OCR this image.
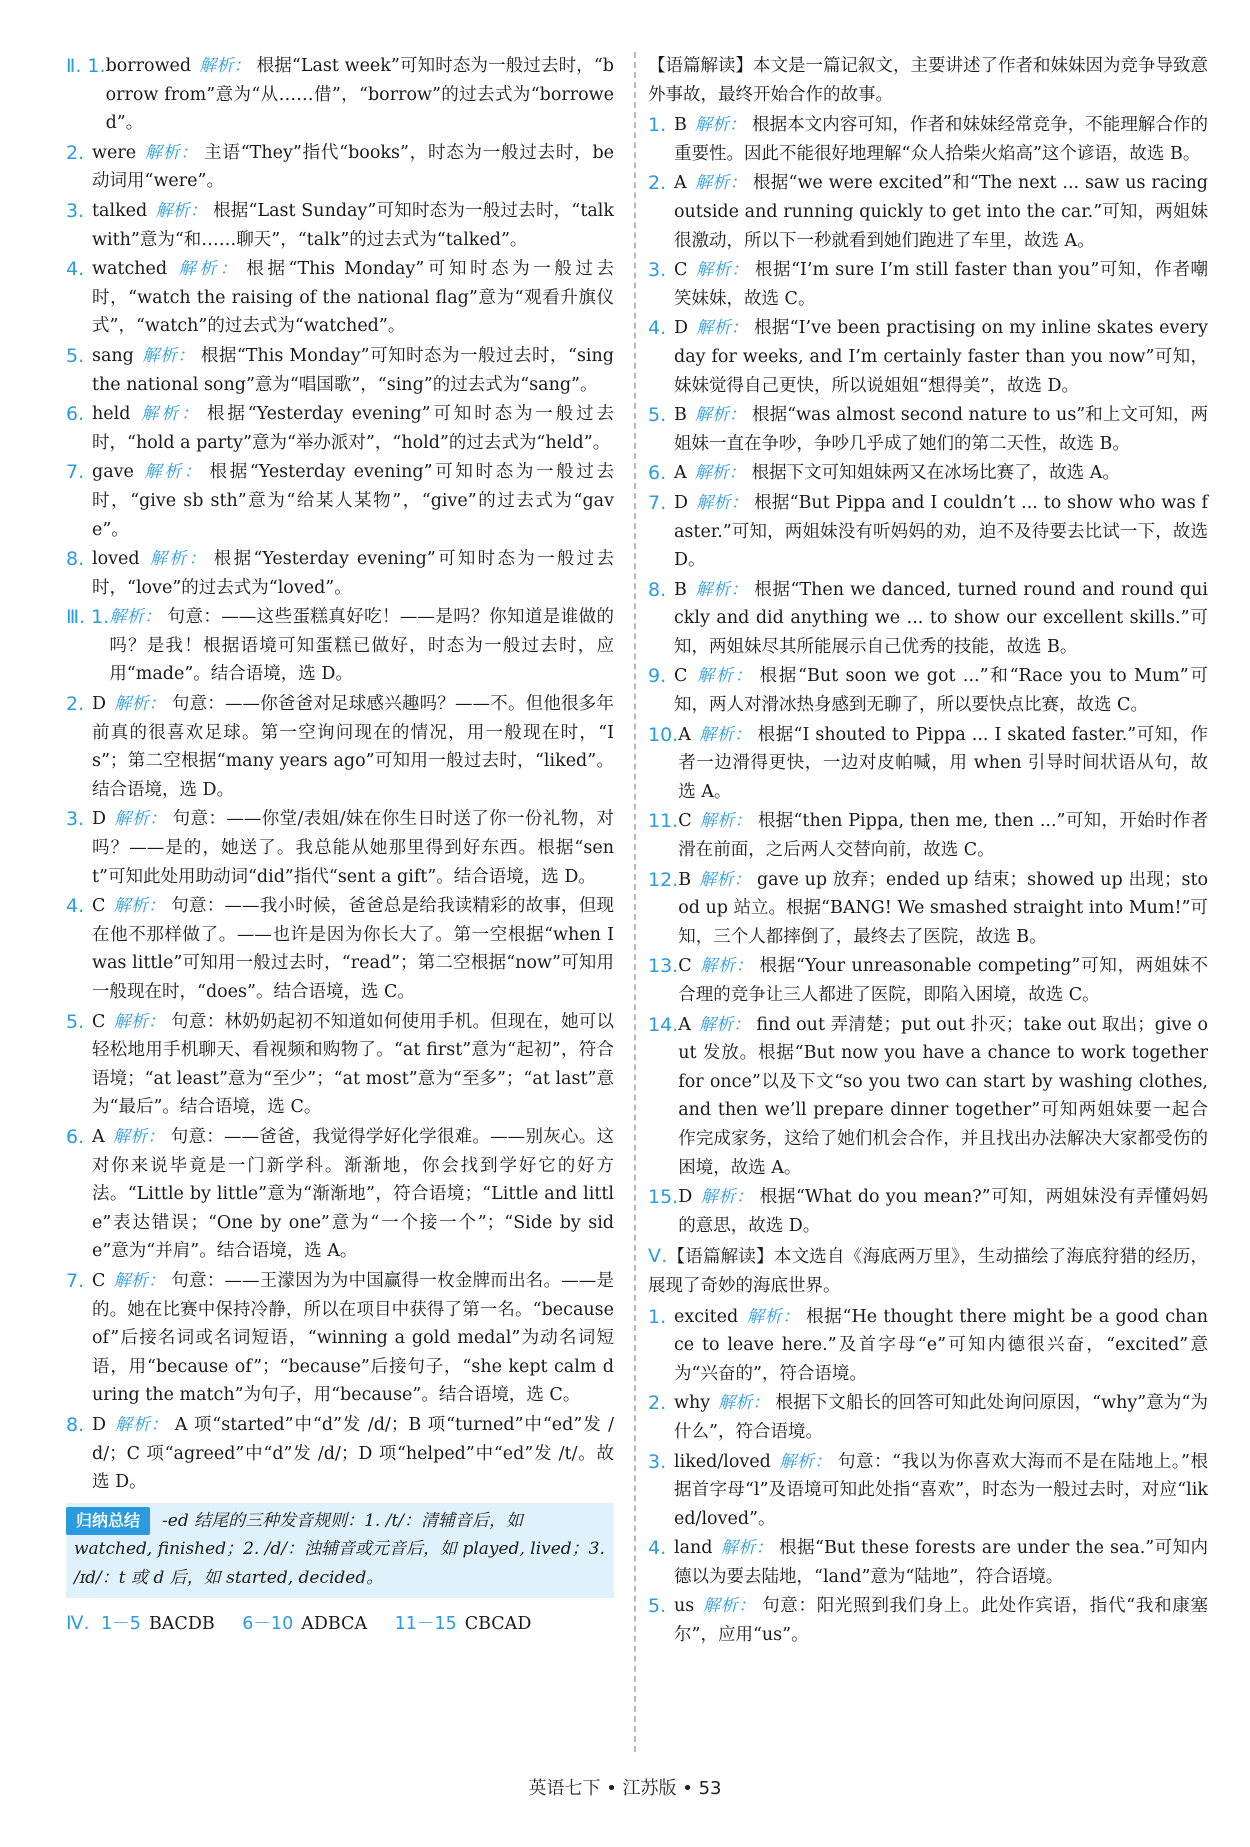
Ⅱ. 1. borrowed 解析： 根据“Last week”可知时态为一般过去时，“borrow from”意为“从……借”，“borrow”的过去式为“borrowed”。
2. were 解析： 主语“They”指代“books”，时态为一般过去时，be 动词用“were”。
3. talked 解析： 根据“Last Sunday”可知时态为一般过去时，“talk with”意为“和……聊天”，“talk”的过去式为“talked”。
4. watched 解析： 根据“This Monday”可知时态为一般过去时，“watch the raising of the national flag”意为“观看升旗仪式”，“watch”的过去式为“watched”。
5. sang 解析： 根据“This Monday”可知时态为一般过去时，“sing the national song”意为“唱国歌”，“sing”的过去式为“sang”。
6. held 解析： 根据“Yesterday evening”可知时态为一般过去时，“hold a party”意为“举办派对”，“hold”的过去式为“held”。
7. gave 解析： 根据“Yesterday evening”可知时态为一般过去时，“give sb sth”意为“给某人某物”，“give”的过去式为“gave”。
8. loved 解析： 根据“Yesterday evening”可知时态为一般过去时，“love”的过去式为“loved”。
Ⅲ. 1. 解析： 句意：——这些蛋糕真好吃！——是吗？你知道是谁做的吗？是我！根据语境可知蛋糕已做好，时态为一般过去时，应用“made”。结合语境，选 D。
2. D 解析： 句意：——你爸爸对足球感兴趣吗？——不。但他很多年前真的很喜欢足球。第一空询问现在的情况，用一般现在时，“Is”；第二空根据“many years ago”可知用一般过去时，“liked”。结合语境，选 D。
3. D 解析： 句意：——你堂/表姐/妹在你生日时送了你一份礼物，对吗？——是的，她送了。我总能从她那里得到好东西。根据“sent”可知此处用助动词“did”指代“sent a gift”。结合语境，选 D。
4. C 解析： 句意：——我小时候，爸爸总是给我读精彩的故事，但现在他不那样做了。——也许是因为你长大了。第一空根据“when I was little”可知用一般过去时，“read”；第二空根据“now”可知用一般现在时，“does”。结合语境，选 C。
5. C 解析： 句意：林奶奶起初不知道如何使用手机。但现在，她可以轻松地用手机聊天、看视频和购物了。“at first”意为“起初”，符合语境；“at least”意为“至少”；“at most”意为“至多”；“at last”意为“最后”。结合语境，选 C。
6. A 解析： 句意：——爸爸，我觉得学好化学很难。——别灰心。这对你来说毕竟是一门新学科。渐渐地，你会找到学好它的好方法。“Little by little”意为“渐渐地”，符合语境；“Little and little”表达错误；“One by one”意为“一个接一个”；“Side by side”意为“并肩”。结合语境，选 A。
7. C 解析： 句意：——王濛因为为中国赢得一枚金牌而出名。——是的。她在比赛中保持冷静，所以在项目中获得了第一名。“because of”后接名词或名词短语，“winning a gold medal”为动名词短语，用“because of”；“because”后接句子，“she kept calm during the match”为句子，用“because”。结合语境，选 C。
8. D 解析： A 项“started”中“d”发 /d/；B 项“turned”中“ed”发 /d/；C 项“agreed”中“d”发 /d/；D 项“helped”中“ed”发 /t/。故选 D。
归纳总结 -ed 结尾的三种发音规则：1. /t/：清辅音后，如 watched, finished；2. /d/：浊辅音或元音后，如 played, lived；3. /ɪd/：t 或 d 后，如 started, decided。
Ⅳ. 1－5 BACDB 6－10 ADBCA 11－15 CBCAD
【语篇解读】本文是一篇记叙文，主要讲述了作者和妹妹因为竞争导致意外事故，最终开始合作的故事。
1. B 解析： 根据本文内容可知，作者和妹妹经常竞争，不能理解合作的重要性。因此不能很好地理解“众人拾柴火焰高”这个谚语，故选 B。
2. A 解析： 根据“we were excited”和“The next ... saw us racing outside and running quickly to get into the car.”可知，两姐妹很激动，所以下一秒就看到她们跑进了车里，故选 A。
3. C 解析： 根据“I’m sure I’m still faster than you”可知，作者嘲笑妹妹，故选 C。
4. D 解析： 根据“I’ve been practising on my inline skates every day for weeks, and I’m certainly faster than you now”可知，妹妹觉得自己更快，所以说姐姐“想得美”，故选 D。
5. B 解析： 根据“was almost second nature to us”和上文可知，两姐妹一直在争吵，争吵几乎成了她们的第二天性，故选 B。
6. A 解析： 根据下文可知姐妹两又在冰场比赛了，故选 A。
7. D 解析： 根据“But Pippa and I couldn’t ... to show who was faster.”可知，两姐妹没有听妈妈的劝，迫不及待要去比试一下，故选 D。
8. B 解析： 根据“Then we danced, turned round and round quickly and did anything we ... to show our excellent skills.”可知，两姐妹尽其所能展示自己优秀的技能，故选 B。
9. C 解析： 根据“But soon we got ...”和“Race you to Mum”可知，两人对滑冰热身感到无聊了，所以要快点比赛，故选 C。
10. A 解析： 根据“I shouted to Pippa ... I skated faster.”可知，作者一边滑得更快，一边对皮帕喊，用 when 引导时间状语从句，故选 A。
11. C 解析： 根据“then Pippa, then me, then ...”可知，开始时作者滑在前面，之后两人交替向前，故选 C。
12. B 解析： gave up 放弃；ended up 结束；showed up 出现；stood up 站立。根据“BANG! We smashed straight into Mum!”可知，三个人都摔倒了，最终去了医院，故选 B。
13. C 解析： 根据“Your unreasonable competing”可知，两姐妹不合理的竞争让三人都进了医院，即陷入困境，故选 C。
14. A 解析： find out 弄清楚；put out 扑灭；take out 取出；give out 发放。根据“But now you have a chance to work together for once”以及下文“so you two can start by washing clothes, and then we’ll prepare dinner together”可知两姐妹要一起合作完成家务，这给了她们机会合作，并且找出办法解决大家都受伤的困境，故选 A。
15. D 解析： 根据“What do you mean?”可知，两姐妹没有弄懂妈妈的意思，故选 D。
Ⅴ.【语篇解读】本文选自《海底两万里》，生动描绘了海底狩猎的经历，展现了奇妙的海底世界。
1. excited 解析： 根据“He thought there might be a good chance to leave here.”及首字母“e”可知内德很兴奋，“excited”意为“兴奋的”，符合语境。
2. why 解析： 根据下文船长的回答可知此处询问原因，“why”意为“为什么”，符合语境。
3. liked/loved 解析： 句意：“我以为你喜欢大海而不是在陆地上。”根据首字母“l”及语境可知此处指“喜欢”，时态为一般过去时，对应“liked/loved”。
4. land 解析： 根据“But these forests are under the sea.”可知内德以为要去陆地，“land”意为“陆地”，符合语境。
5. us 解析： 句意：阳光照到我们身上。此处作宾语，指代“我和康塞尔”，应用“us”。
英语七下 • 江苏版 • 53
